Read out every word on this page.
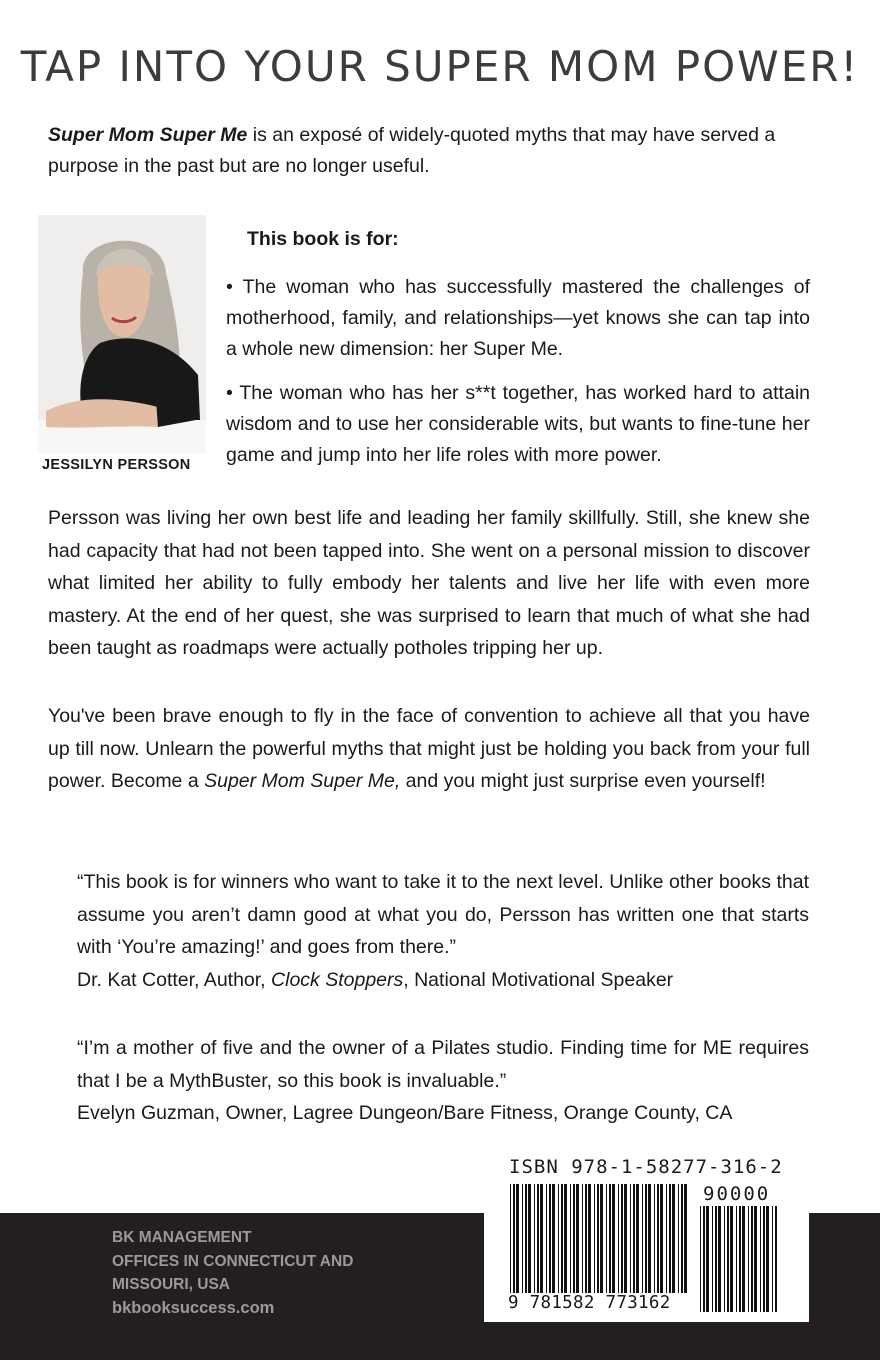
TAP INTO YOUR SUPER MOM POWER!
Super Mom Super Me is an exposé of widely-quoted myths that may have served a purpose in the past but are no longer useful.
JESSILYN PERSSON
This book is for:
• The woman who has successfully mastered the challenges of motherhood, family, and relationships—yet knows she can tap into a whole new dimension: her Super Me.
• The woman who has her s**t together, has worked hard to attain wisdom and to use her considerable wits, but wants to fine-tune her game and jump into her life roles with more power.
Persson was living her own best life and leading her family skillfully. Still, she knew she had capacity that had not been tapped into. She went on a personal mission to discover what limited her ability to fully embody her talents and live her life with even more mastery. At the end of her quest, she was surprised to learn that much of what she had been taught as roadmaps were actually potholes tripping her up.
You've been brave enough to fly in the face of convention to achieve all that you have up till now. Unlearn the powerful myths that might just be holding you back from your full power. Become a Super Mom Super Me, and you might just surprise even yourself!
“This book is for winners who want to take it to the next level. Unlike other books that assume you aren’t damn good at what you do, Persson has written one that starts with ‘You’re amazing!’ and goes from there.”
Dr. Kat Cotter, Author, Clock Stoppers, National Motivational Speaker
“I’m a mother of five and the owner of a Pilates studio. Finding time for ME requires that I be a MythBuster, so this book is invaluable.”
Evelyn Guzman, Owner, Lagree Dungeon/Bare Fitness, Orange County, CA
BK MANAGEMENT
OFFICES IN CONNECTICUT AND
MISSOURI, USA
bkbooksuccess.com
ISBN 978-1-58277-316-2
90000
9 781582 773162
